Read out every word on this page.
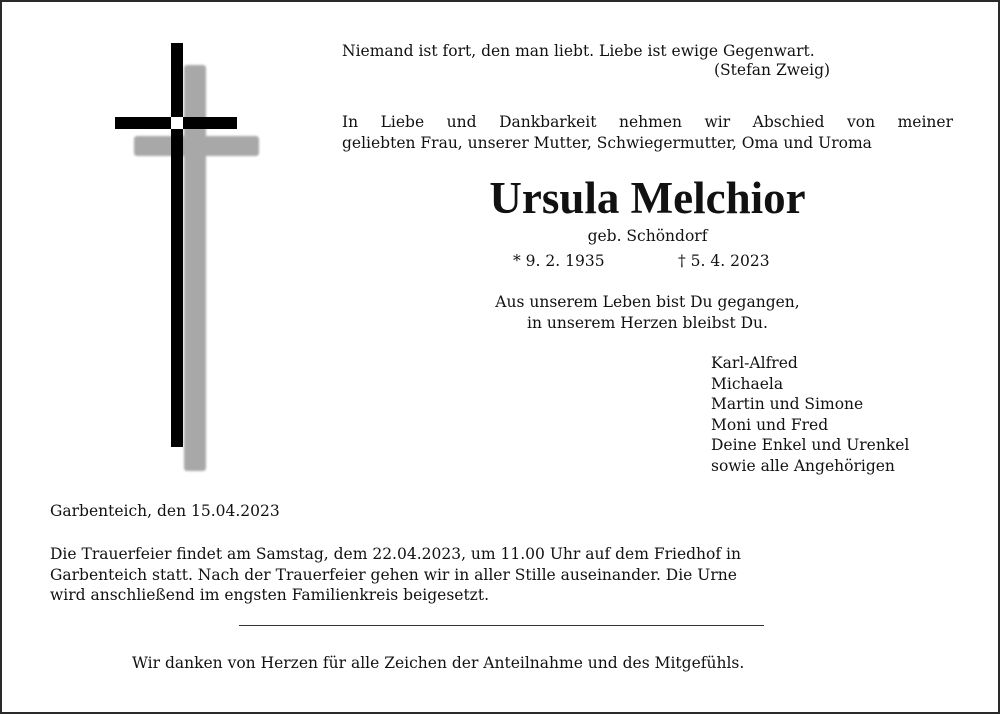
Niemand ist fort, den man liebt. Liebe ist ewige Gegenwart.
(Stefan Zweig)
In Liebe und Dankbarkeit nehmen wir Abschied von meiner
geliebten Frau, unserer Mutter, Schwiegermutter, Oma und Uroma
Ursula Melchior
geb. Schöndorf
* 9. 2. 1935	† 5. 4. 2023
Aus unserem Leben bist Du gegangen,
in unserem Herzen bleibst Du.
Karl-Alfred
Michaela
Martin und Simone
Moni und Fred
Deine Enkel und Urenkel
sowie alle Angehörigen
Garbenteich, den 15.04.2023
Die Trauerfeier findet am Samstag, dem 22.04.2023, um 11.00 Uhr auf dem Friedhof in
Garbenteich statt. Nach der Trauerfeier gehen wir in aller Stille auseinander. Die Urne
wird anschließend im engsten Familienkreis beigesetzt.
Wir danken von Herzen für alle Zeichen der Anteilnahme und des Mitgefühls.
